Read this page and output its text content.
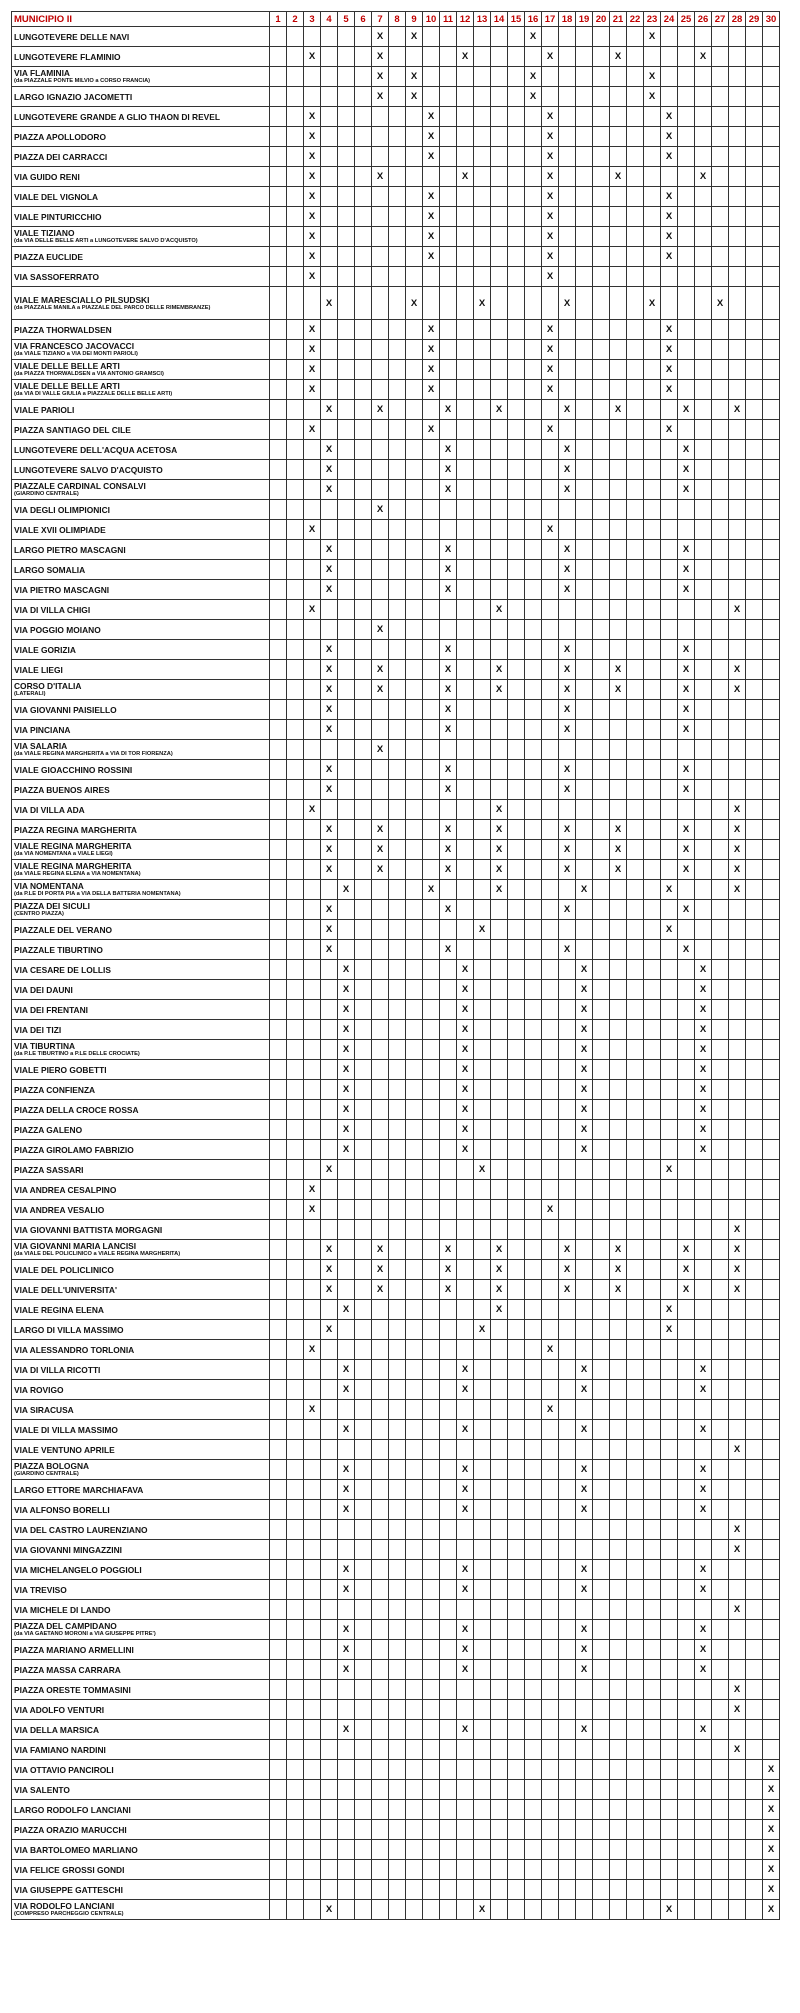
MUNICIPIO II	1	2	3	4	5	6	7	8	9	10	11	12	13	14	15	16	17	18	19	20	21	22	23	24	25	26	27	28	29	30

LUNGOTEVERE DELLE NAVI							X		X							X							X							

LUNGOTEVERE FLAMINIO			X				X					X					X				X					X				

VIA FLAMINIA
(da PIAZZALE PONTE MILVIO a CORSO FRANCIA)							X		X							X							X							

LARGO IGNAZIO JACOMETTI							X		X							X							X							

LUNGOTEVERE GRANDE A GLIO THAON DI REVEL			X							X							X							X						

PIAZZA APOLLODORO			X							X							X							X						

PIAZZA DEI CARRACCI			X							X							X							X						

VIA GUIDO RENI			X				X					X					X				X					X				

VIALE DEL VIGNOLA			X							X							X							X						

VIALE PINTURICCHIO			X							X							X							X						

VIALE TIZIANO
(da VIA DELLE BELLE ARTI a LUNGOTEVERE SALVO D'ACQUISTO)			X							X							X							X						

PIAZZA EUCLIDE			X							X							X							X						

VIA SASSOFERRATO			X														X													

VIALE MARESCIALLO PILSUDSKI
(da PIAZZALE MANILA a PIAZZALE DEL PARCO DELLE RIMEMBRANZE)				X					X				X					X					X				X			

PIAZZA THORWALDSEN			X							X							X							X						

VIA FRANCESCO JACOVACCI
(da VIALE TIZIANO a VIA DEI MONTI PARIOLI)			X							X							X							X						

VIALE DELLE BELLE ARTI
(da PIAZZA THORWALDSEN a VIA ANTONIO GRAMSCI)			X							X							X							X						

VIALE DELLE BELLE ARTI
(da VIA DI VALLE GIULIA a PIAZZALE DELLE BELLE ARTI)			X							X							X							X						

VIALE PARIOLI				X			X				X			X				X			X				X			X		

PIAZZA SANTIAGO DEL CILE			X							X							X							X						

LUNGOTEVERE DELL'ACQUA ACETOSA				X							X							X							X					

LUNGOTEVERE SALVO D'ACQUISTO				X							X							X							X					

PIAZZALE CARDINAL CONSALVI
(GIARDINO CENTRALE)				X							X							X							X					

VIA DEGLI OLIMPIONICI							X																							

VIALE XVII OLIMPIADE			X														X													

LARGO PIETRO MASCAGNI				X							X							X							X					

LARGO SOMALIA				X							X							X							X					

VIA PIETRO MASCAGNI				X							X							X							X					

VIA DI VILLA CHIGI			X											X														X		

VIA POGGIO MOIANO							X																							

VIALE GORIZIA				X							X							X							X					

VIALE LIEGI				X			X				X			X				X			X				X			X		

CORSO D'ITALIA
(LATERALI)				X			X				X			X				X			X				X			X		

VIA GIOVANNI PAISIELLO				X							X							X							X					

VIA PINCIANA				X							X							X							X					

VIA SALARIA
(da VIALE REGINA MARGHERITA a VIA DI TOR FIORENZA)							X																							

VIALE GIOACCHINO ROSSINI				X							X							X							X					

PIAZZA BUENOS AIRES				X							X							X							X					

VIA DI VILLA ADA			X											X														X		

PIAZZA REGINA MARGHERITA				X			X				X			X				X			X				X			X		

VIALE REGINA MARGHERITA
(da VIA NOMENTANA a VIALE LIEGI)				X			X				X			X				X			X				X			X		

VIALE REGINA MARGHERITA
(da VIALE REGINA ELENA a VIA NOMENTANA)				X			X				X			X				X			X				X			X		

VIA NOMENTANA
(da P.LE DI PORTA PIA a VIA DELLA BATTERIA NOMENTANA)					X					X				X					X					X				X		

PIAZZA DEI SICULI
(CENTRO PIAZZA)				X							X							X							X					

PIAZZALE DEL VERANO				X									X											X						

PIAZZALE TIBURTINO				X							X							X							X					

VIA CESARE DE LOLLIS					X							X							X							X				

VIA DEI DAUNI					X							X							X							X				

VIA DEI FRENTANI					X							X							X							X				

VIA DEI TIZI					X							X							X							X				

VIA TIBURTINA
(da P.LE TIBURTINO a P.LE DELLE CROCIATE)					X							X							X							X				

VIALE PIERO GOBETTI					X							X							X							X				

PIAZZA CONFIENZA					X							X							X							X				

PIAZZA DELLA CROCE ROSSA					X							X							X							X				

PIAZZA GALENO					X							X							X							X				

PIAZZA GIROLAMO FABRIZIO					X							X							X							X				

PIAZZA SASSARI				X									X											X						

VIA ANDREA CESALPINO			X																											

VIA ANDREA VESALIO			X														X													

VIA GIOVANNI BATTISTA MORGAGNI																												X		

VIA GIOVANNI MARIA LANCISI
(da VIALE DEL POLICLINICO a VIALE REGINA MARGHERITA)				X			X				X			X				X			X				X			X		

VIALE DEL POLICLINICO				X			X				X			X				X			X				X			X		

VIALE DELL'UNIVERSITA'				X			X				X			X				X			X				X			X		

VIALE REGINA ELENA					X									X										X						

LARGO DI VILLA MASSIMO				X									X											X						

VIA ALESSANDRO TORLONIA			X														X													

VIA DI VILLA RICOTTI					X							X							X							X				

VIA ROVIGO					X							X							X							X				

VIA SIRACUSA			X														X													

VIALE DI VILLA MASSIMO					X							X							X							X				

VIALE VENTUNO APRILE																												X		

PIAZZA BOLOGNA
(GIARDINO CENTRALE)					X							X							X							X				

LARGO ETTORE MARCHIAFAVA					X							X							X							X				

VIA ALFONSO BORELLI					X							X							X							X				

VIA DEL CASTRO LAURENZIANO																												X		

VIA GIOVANNI MINGAZZINI																												X		

VIA MICHELANGELO POGGIOLI					X							X							X							X				

VIA TREVISO					X							X							X							X				

VIA MICHELE DI LANDO																												X		

PIAZZA DEL CAMPIDANO
(da VIA GAETANO MORONI a VIA GIUSEPPE PITRE')					X							X							X							X				

PIAZZA MARIANO ARMELLINI					X							X							X							X				

PIAZZA MASSA CARRARA					X							X							X							X				

PIAZZA ORESTE TOMMASINI																												X		

VIA ADOLFO VENTURI																												X		

VIA DELLA MARSICA					X							X							X							X				

VIA FAMIANO NARDINI																												X		

VIA OTTAVIO PANCIROLI																														X

VIA SALENTO																														X

LARGO RODOLFO LANCIANI																														X

PIAZZA ORAZIO MARUCCHI																														X

VIA BARTOLOMEO MARLIANO																														X

VIA FELICE GROSSI GONDI																														X

VIA GIUSEPPE GATTESCHI																														X

VIA RODOLFO LANCIANI
(COMPRESO PARCHEGGIO CENTRALE)				X									X											X						X
